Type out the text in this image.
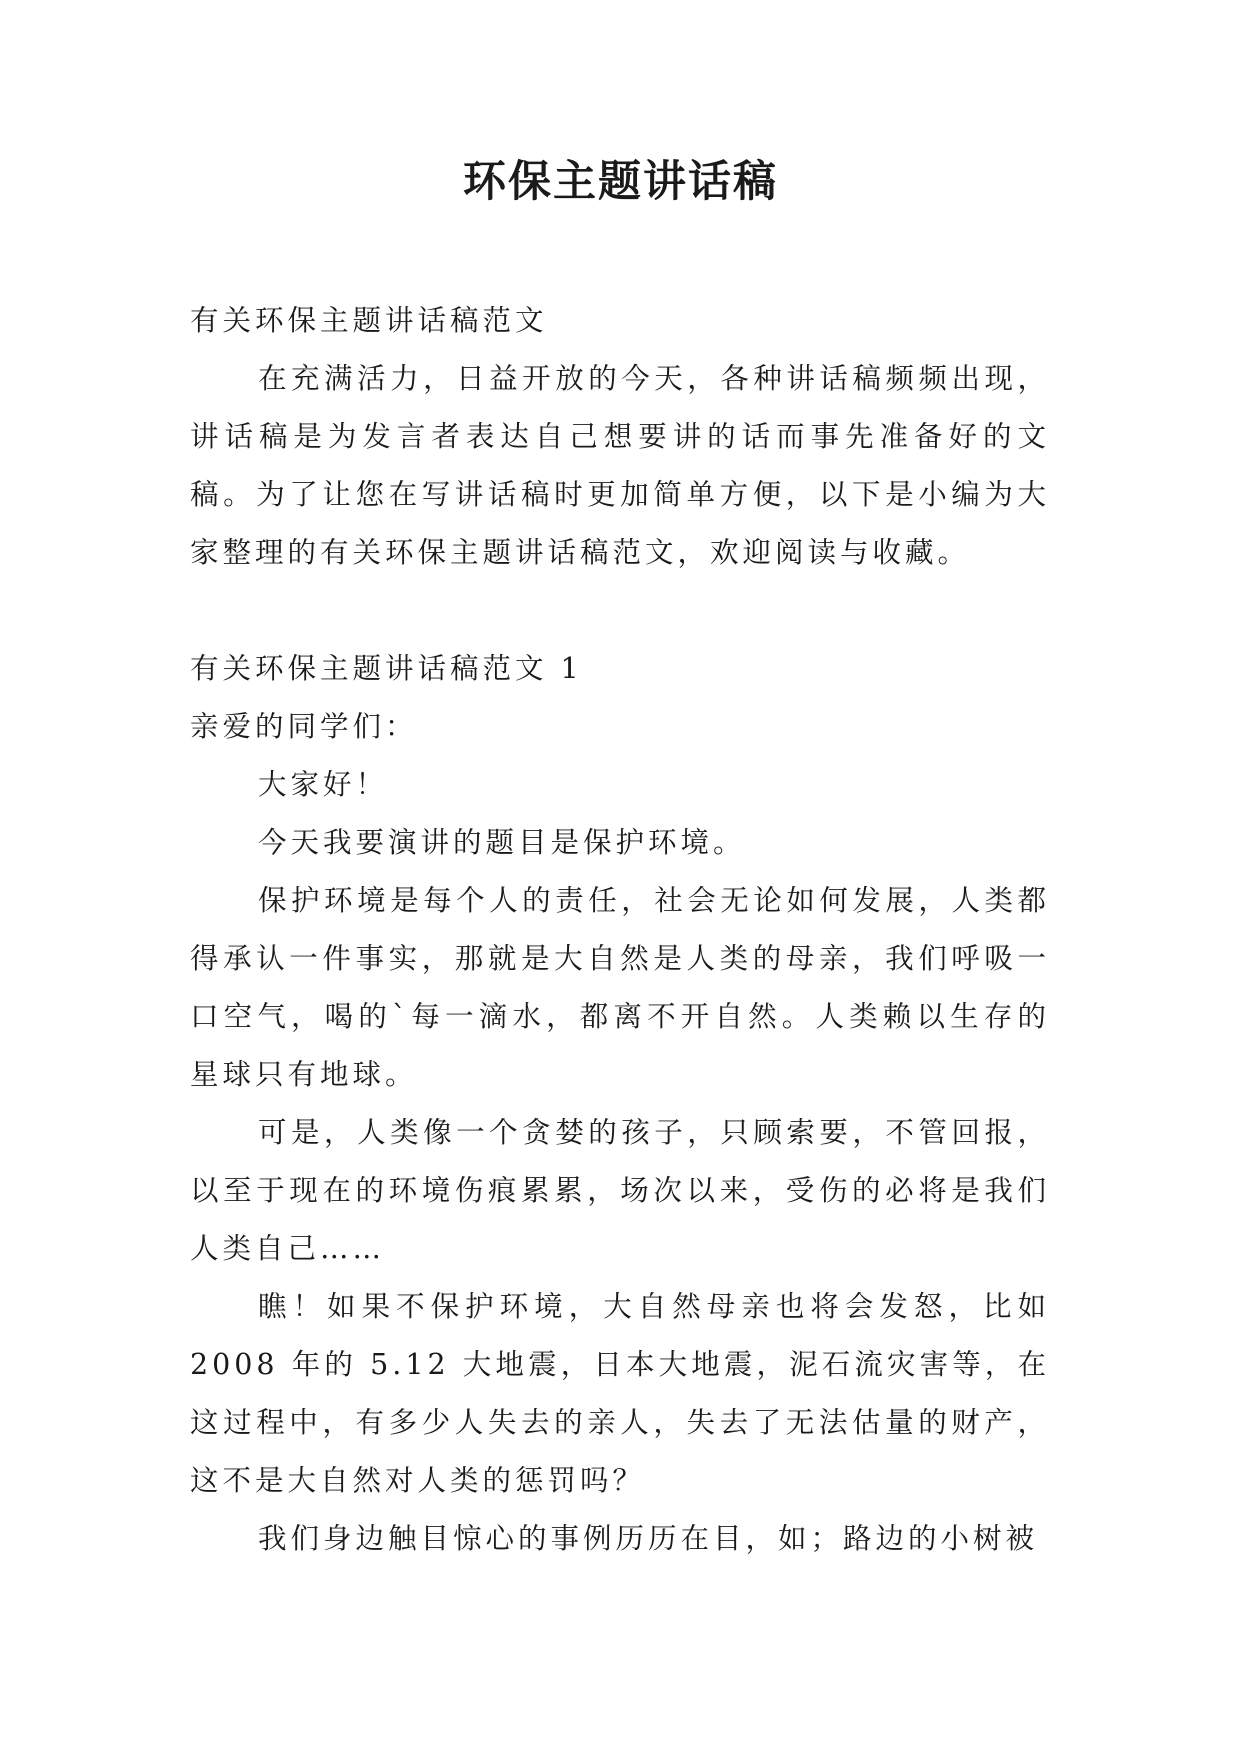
环保主题讲话稿

有关环保主题讲话稿范文

在充满活力，日益开放的今天，各种讲话稿频频出现，讲话稿是为发言者表达自己想要讲的话而事先准备好的文稿。为了让您在写讲话稿时更加简单方便，以下是小编为大家整理的有关环保主题讲话稿范文，欢迎阅读与收藏。

有关环保主题讲话稿范文 1

亲爱的同学们：

大家好！

今天我要演讲的题目是保护环境。

保护环境是每个人的责任，社会无论如何发展，人类都得承认一件事实，那就是大自然是人类的母亲，我们呼吸一口空气，喝的`每一滴水，都离不开自然。人类赖以生存的星球只有地球。

可是，人类像一个贪婪的孩子，只顾索要，不管回报，以至于现在的环境伤痕累累，场次以来，受伤的必将是我们人类自己……

瞧！如果不保护环境，大自然母亲也将会发怒，比如2008 年的 5.12 大地震，日本大地震，泥石流灾害等，在这过程中，有多少人失去的亲人，失去了无法估量的财产，这不是大自然对人类的惩罚吗？

我们身边触目惊心的事例历历在目，如；路边的小树被
